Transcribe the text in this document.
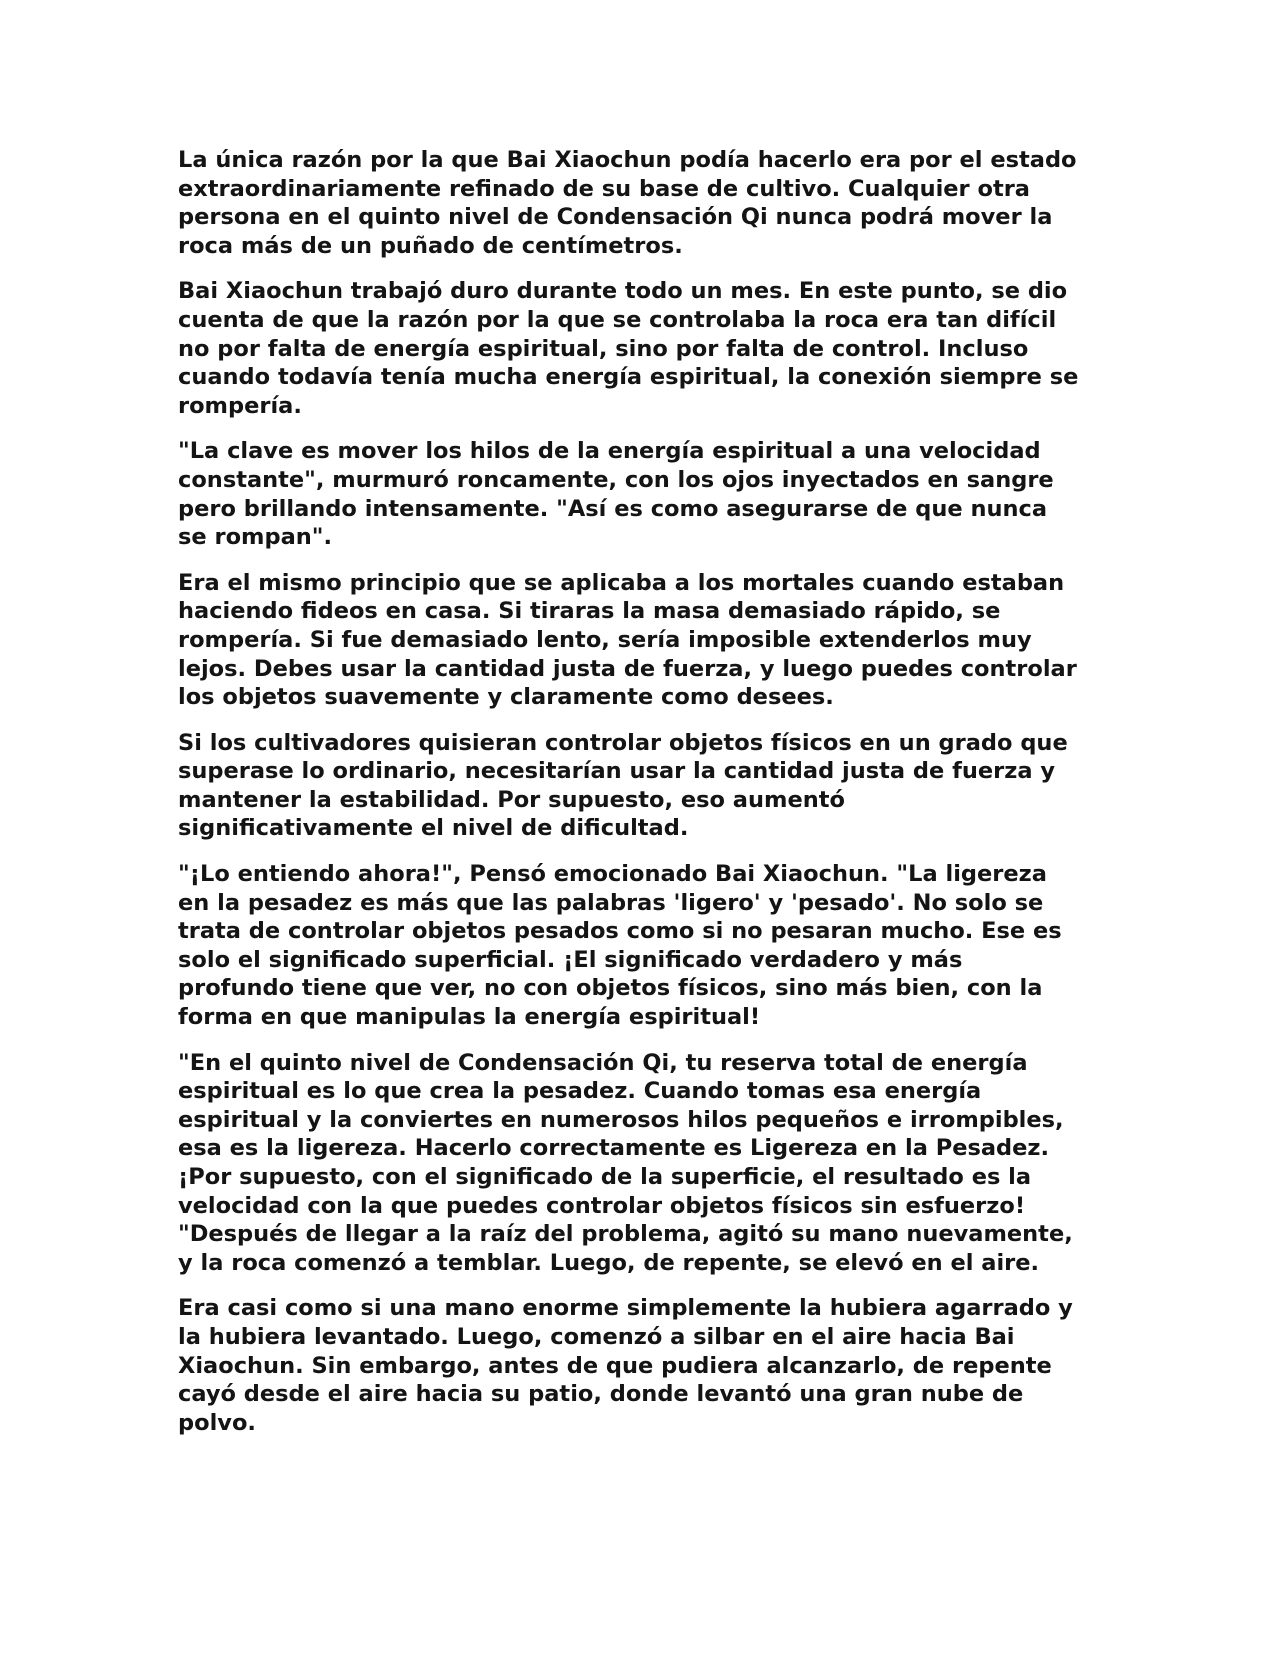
La única razón por la que Bai Xiaochun podía hacerlo era por el estado
extraordinariamente refinado de su base de cultivo. Cualquier otra
persona en el quinto nivel de Condensación Qi nunca podrá mover la
roca más de un puñado de centímetros.

Bai Xiaochun trabajó duro durante todo un mes. En este punto, se dio
cuenta de que la razón por la que se controlaba la roca era tan difícil
no por falta de energía espiritual, sino por falta de control. Incluso
cuando todavía tenía mucha energía espiritual, la conexión siempre se
rompería.

"La clave es mover los hilos de la energía espiritual a una velocidad
constante", murmuró roncamente, con los ojos inyectados en sangre
pero brillando intensamente. "Así es como asegurarse de que nunca
se rompan".

Era el mismo principio que se aplicaba a los mortales cuando estaban
haciendo fideos en casa. Si tiraras la masa demasiado rápido, se
rompería. Si fue demasiado lento, sería imposible extenderlos muy
lejos. Debes usar la cantidad justa de fuerza, y luego puedes controlar
los objetos suavemente y claramente como desees.

Si los cultivadores quisieran controlar objetos físicos en un grado que
superase lo ordinario, necesitarían usar la cantidad justa de fuerza y
mantener la estabilidad. Por supuesto, eso aumentó
significativamente el nivel de dificultad.

"¡Lo entiendo ahora!", Pensó emocionado Bai Xiaochun. "La ligereza
en la pesadez es más que las palabras 'ligero' y 'pesado'. No solo se
trata de controlar objetos pesados como si no pesaran mucho. Ese es
solo el significado superficial. ¡El significado verdadero y más
profundo tiene que ver, no con objetos físicos, sino más bien, con la
forma en que manipulas la energía espiritual!

"En el quinto nivel de Condensación Qi, tu reserva total de energía
espiritual es lo que crea la pesadez. Cuando tomas esa energía
espiritual y la conviertes en numerosos hilos pequeños e irrompibles,
esa es la ligereza. Hacerlo correctamente es Ligereza en la Pesadez.
¡Por supuesto, con el significado de la superficie, el resultado es la
velocidad con la que puedes controlar objetos físicos sin esfuerzo!
"Después de llegar a la raíz del problema, agitó su mano nuevamente,
y la roca comenzó a temblar. Luego, de repente, se elevó en el aire.

Era casi como si una mano enorme simplemente la hubiera agarrado y
la hubiera levantado. Luego, comenzó a silbar en el aire hacia Bai
Xiaochun. Sin embargo, antes de que pudiera alcanzarlo, de repente
cayó desde el aire hacia su patio, donde levantó una gran nube de
polvo.
